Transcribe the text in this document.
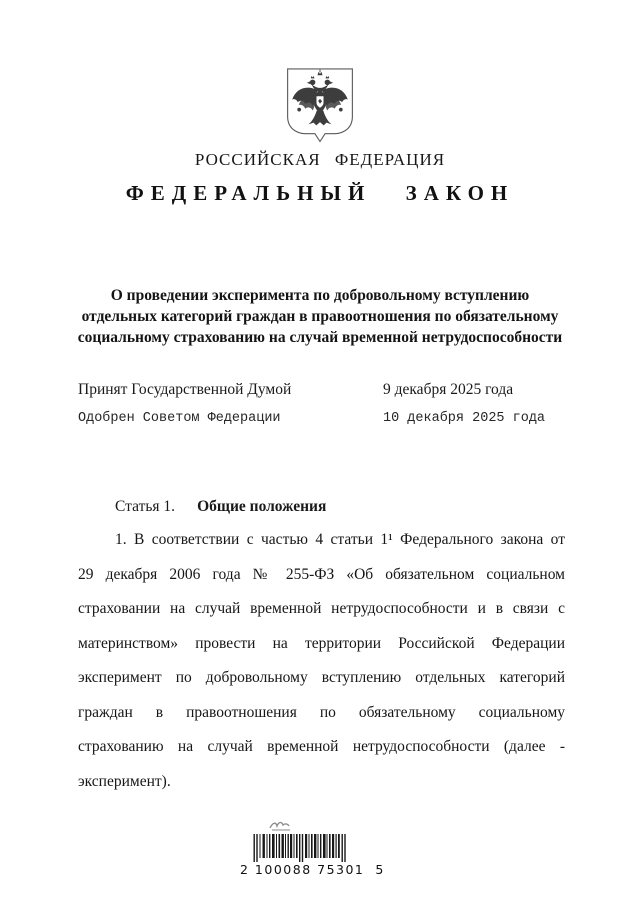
РОССИЙСКАЯ ФЕДЕРАЦИЯ
ФЕДЕРАЛЬНЫЙ ЗАКОН
О проведении эксперимента по добровольному вступлению отдельных категорий граждан в правоотношения по обязательному социальному страхованию на случай временной нетрудоспособности
Принят Государственной Думой	9 декабря 2025 года
Одобрен Советом Федерации	10 декабря 2025 года
Статья 1. Общие положения
1. В соответствии с частью 4 статьи 1¹ Федерального закона от 29 декабря 2006 года № 255-ФЗ «Об обязательном социальном страховании на случай временной нетрудоспособности и в связи с материнством» провести на территории Российской Федерации эксперимент по добровольному вступлению отдельных категорий граждан в правоотношения по обязательному социальному страхованию на случай временной нетрудоспособности (далее - эксперимент).
2 100088 75301  5
